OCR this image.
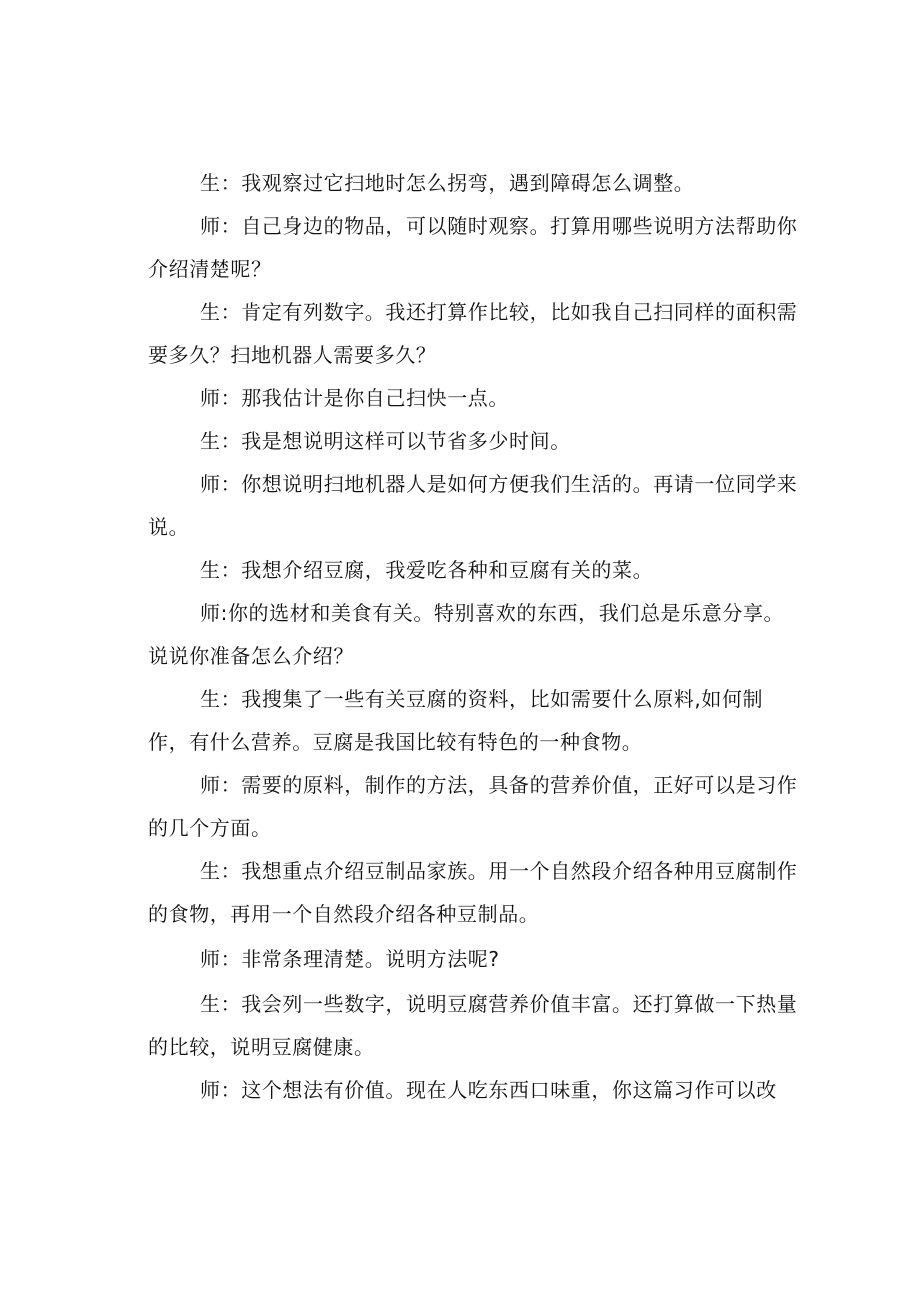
生：我观察过它扫地时怎么拐弯，遇到障碍怎么调整。

师：自己身边的物品，可以随时观察。打算用哪些说明方法帮助你介绍清楚呢？

生：肯定有列数字。我还打算作比较，比如我自己扫同样的面积需要多久？扫地机器人需要多久？

师：那我估计是你自己扫快一点。

生：我是想说明这样可以节省多少时间。

师：你想说明扫地机器人是如何方便我们生活的。再请一位同学来说。

生：我想介绍豆腐，我爱吃各种和豆腐有关的菜。

师:你的选材和美食有关。特别喜欢的东西，我们总是乐意分享。说说你准备怎么介绍？

生：我搜集了一些有关豆腐的资料，比如需要什么原料,如何制作，有什么营养。豆腐是我国比较有特色的一种食物。

师：需要的原料，制作的方法，具备的营养价值，正好可以是习作的几个方面。

生：我想重点介绍豆制品家族。用一个自然段介绍各种用豆腐制作的食物，再用一个自然段介绍各种豆制品。

师：非常条理清楚。说明方法呢?

生：我会列一些数字，说明豆腐营养价值丰富。还打算做一下热量的比较，说明豆腐健康。

师：这个想法有价值。现在人吃东西口味重，你这篇习作可以改
